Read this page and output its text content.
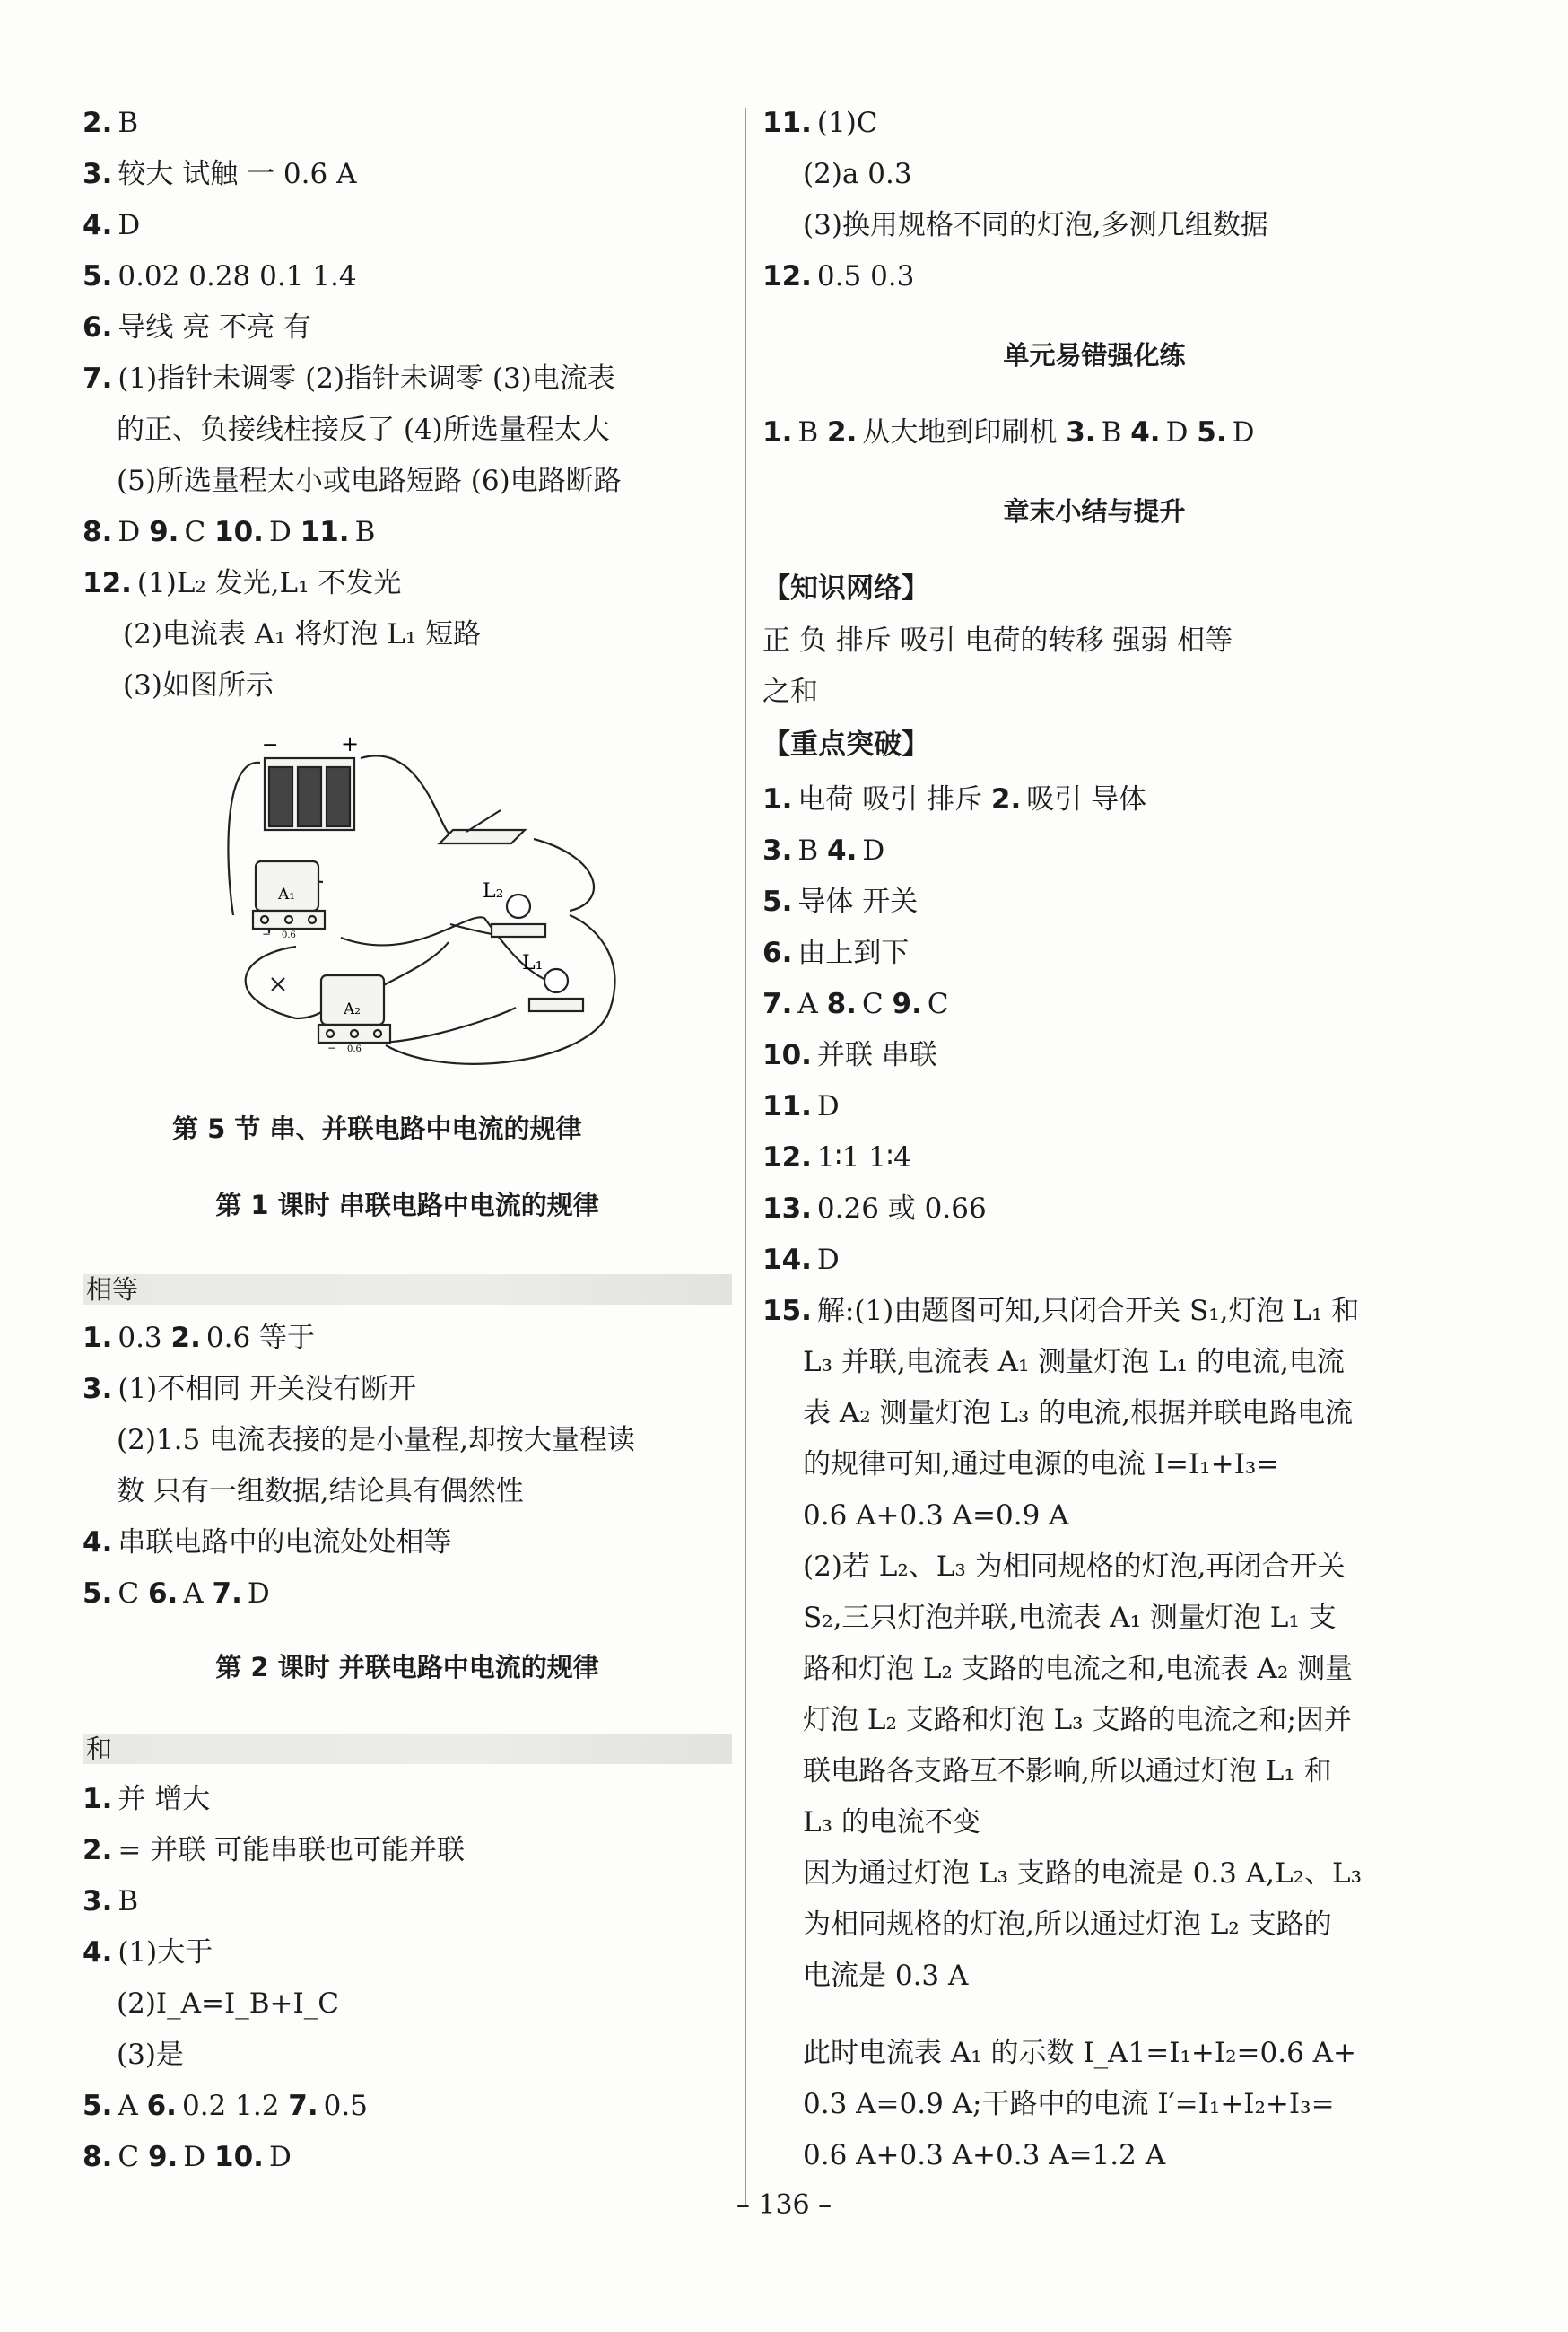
2. B
3. 较大 试触 一 0.6 A
4. D
5. 0.02 0.28 0.1 1.4
6. 导线 亮 不亮 有
7. (1)指针未调零 (2)指针未调零 (3)电流表
的正、负接线柱接反了 (4)所选量程太大
(5)所选量程太小或电路短路 (6)电路断路
8. D 9. C 10. D 11. B
12. (1)L₂ 发光,L₁ 不发光
(2)电流表 A₁ 将灯泡 L₁ 短路
(3)如图所示
−	+
L₂
L₁
A₁
A₂
0.6
0.6
−
−
第 5 节 串、并联电路中电流的规律
第 1 课时 串联电路中电流的规律
相等
1. 0.3 2. 0.6 等于
3. (1)不相同 开关没有断开
(2)1.5 电流表接的是小量程,却按大量程读
数 只有一组数据,结论具有偶然性
4. 串联电路中的电流处处相等
5. C 6. A 7. D
第 2 课时 并联电路中电流的规律
和
1. 并 增大
2. = 并联 可能串联也可能并联
3. B
4. (1)大于
(2)I_A=I_B+I_C
(3)是
5. A 6. 0.2 1.2 7. 0.5
8. C 9. D 10. D
11. (1)C
(2)a 0.3
(3)换用规格不同的灯泡,多测几组数据
12. 0.5 0.3
单元易错强化练
1. B 2. 从大地到印刷机 3. B 4. D 5. D
章末小结与提升
【知识网络】
正 负 排斥 吸引 电荷的转移 强弱 相等
之和
【重点突破】
1. 电荷 吸引 排斥 2. 吸引 导体
3. B 4. D
5. 导体 开关
6. 由上到下
7. A 8. C 9. C
10. 并联 串联
11. D
12. 1∶1 1∶4
13. 0.26 或 0.66
14. D
15. 解:(1)由题图可知,只闭合开关 S₁,灯泡 L₁ 和
L₃ 并联,电流表 A₁ 测量灯泡 L₁ 的电流,电流
表 A₂ 测量灯泡 L₃ 的电流,根据并联电路电流
的规律可知,通过电源的电流 I=I₁+I₃=
0.6 A+0.3 A=0.9 A
(2)若 L₂、L₃ 为相同规格的灯泡,再闭合开关
S₂,三只灯泡并联,电流表 A₁ 测量灯泡 L₁ 支
路和灯泡 L₂ 支路的电流之和,电流表 A₂ 测量
灯泡 L₂ 支路和灯泡 L₃ 支路的电流之和;因并
联电路各支路互不影响,所以通过灯泡 L₁ 和
L₃ 的电流不变
因为通过灯泡 L₃ 支路的电流是 0.3 A,L₂、L₃
为相同规格的灯泡,所以通过灯泡 L₂ 支路的
电流是 0.3 A
此时电流表 A₁ 的示数 I_A1=I₁+I₂=0.6 A+
0.3 A=0.9 A;干路中的电流 I′=I₁+I₂+I₃=
0.6 A+0.3 A+0.3 A=1.2 A
– 136 –
